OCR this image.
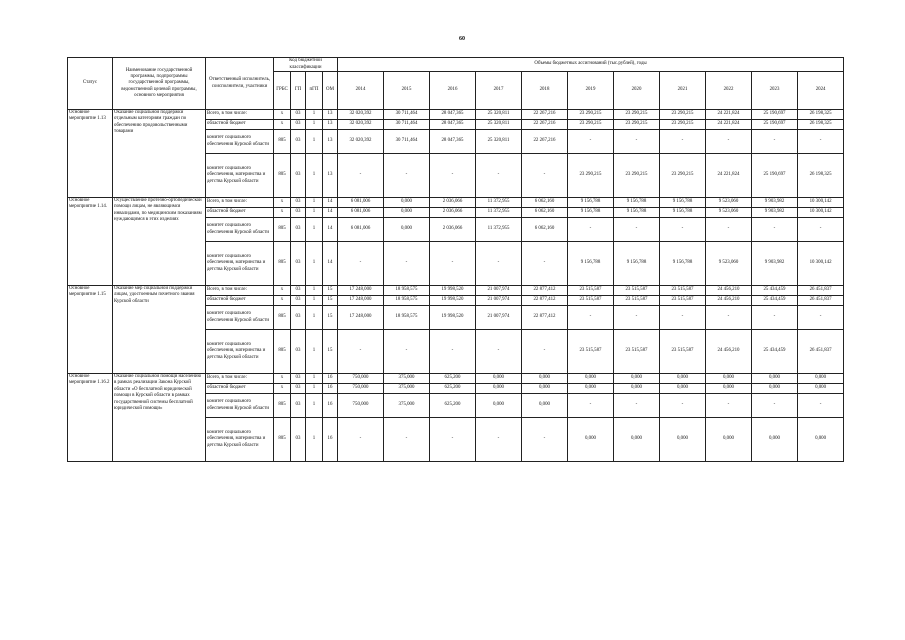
60
Статус	Наименование государственной программы, подпрограммы государственной программы, ведомственной целевой программы, основного мероприятия	Ответственный исполнитель, соисполнители, участники	Код бюджетной классификации				Объемы бюджетных ассигнований (тыс.рублей), годы										
			ГРБС	ГП	пГП	ОМ	2014	2015	2016	2017	2018	2019	2020	2021	2022	2023	2024
Основное мероприятие 1.13	Оказание социальной поддержки отдельным категориям граждан по обеспечению продовольственными товарами	Всего, в том числе:	х	03	1	13	32 020,392	30 711,464	28 047,365	25 320,811	22 267,216	23 290,215	23 290,215	23 290,215	24 221,824	25 190,697	26 198,325
		областной бюджет	х	03	1	13	32 020,392	30 711,464	28 047,365	25 320,811	22 267,216	23 290,215	23 290,215	23 290,215	24 221,824	25 190,697	26 198,325
		комитет социального обеспечения Курской области	805	03	1	13	32 020,392	30 711,464	28 047,365	25 320,811	22 267,216	-	-	-	-	-	-
		комитет социального обеспечения, материнства и детства Курской области	805	03	1	13	-	-	-	-	-	23 290,215	23 290,215	23 290,215	24 221,824	25 190,697	26 198,325
Основное мероприятие 1.14.	Осуществление протезно-ортопедической помощи лицам, не являющимся инвалидами, по медицинским показаниям нуждающимся в этих изделиях	Всего, в том числе:	х	03	1	14	6 081,006	0,000	2 036,066	11 372,955	6 062,160	9 156,788	9 156,788	9 156,788	9 523,060	9 903,982	10 300,142
		областной бюджет	х	03	1	14	6 081,006	0,000	2 036,066	11 372,955	6 062,160	9 156,788	9 156,788	9 156,788	9 523,060	9 903,982	10 300,142
		комитет социального обеспечения Курской области	805	03	1	14	6 081,006	0,000	2 036,066	11 372,955	6 062,160	-	-	-	-	-	-
		комитет социального обеспечения, материнства и детства Курской области	805	03	1	14	-	-	-	-	-	9 156,788	9 156,788	9 156,788	9 523,060	9 903,982	10 300,142
Основное мероприятие 1.15	Оказание мер социальной поддержки лицам, удостоенным почетного звания Курской области	Всего, в том числе:	х	03	1	15	17 248,000	18 958,575	19 998,520	21 007,974	22 877,412	23 515,587	23 515,587	23 515,587	24 456,210	25 434,459	26 451,837
		областной бюджет	х	03	1	15	17 248,000	18 958,575	19 998,520	21 007,974	22 877,412	23 515,587	23 515,587	23 515,587	24 456,210	25 434,459	26 451,837
		комитет социального обеспечения Курской области	805	03	1	15	17 248,000	18 958,575	19 998,520	21 007,974	22 877,412	-	-	-	-	-	-
		комитет социального обеспечения, материнства и детства Курской области	805	03	1	15	-	-	-	-	-	23 515,587	23 515,587	23 515,587	24 456,210	25 434,459	26 451,837
Основное мероприятие 1.16.2	Оказание социальной помощи населению в рамках реализации Закона Курской области «О бесплатной юридической помощи в Курской области в рамках государственной системы бесплатной юридической помощи»	Всего, в том числе:	х	03	1	16	750,000	375,000	625,200	0,000	0,000	0,000	0,000	0,000	0,000	0,000	0,000
		областной бюджет	х	03	1	16	750,000	375,000	625,200	0,000	0,000	0,000	0,000	0,000	0,000	0,000	0,000
		комитет социального обеспечения Курской области	805	03	1	16	750,000	375,000	625,200	0,000	0,000	-	-	-	-	-	-
		комитет социального обеспечения, материнства и детства Курской области	805	03	1	16	-	-	-	-	-	0,000	0,000	0,000	0,000	0,000	0,000
